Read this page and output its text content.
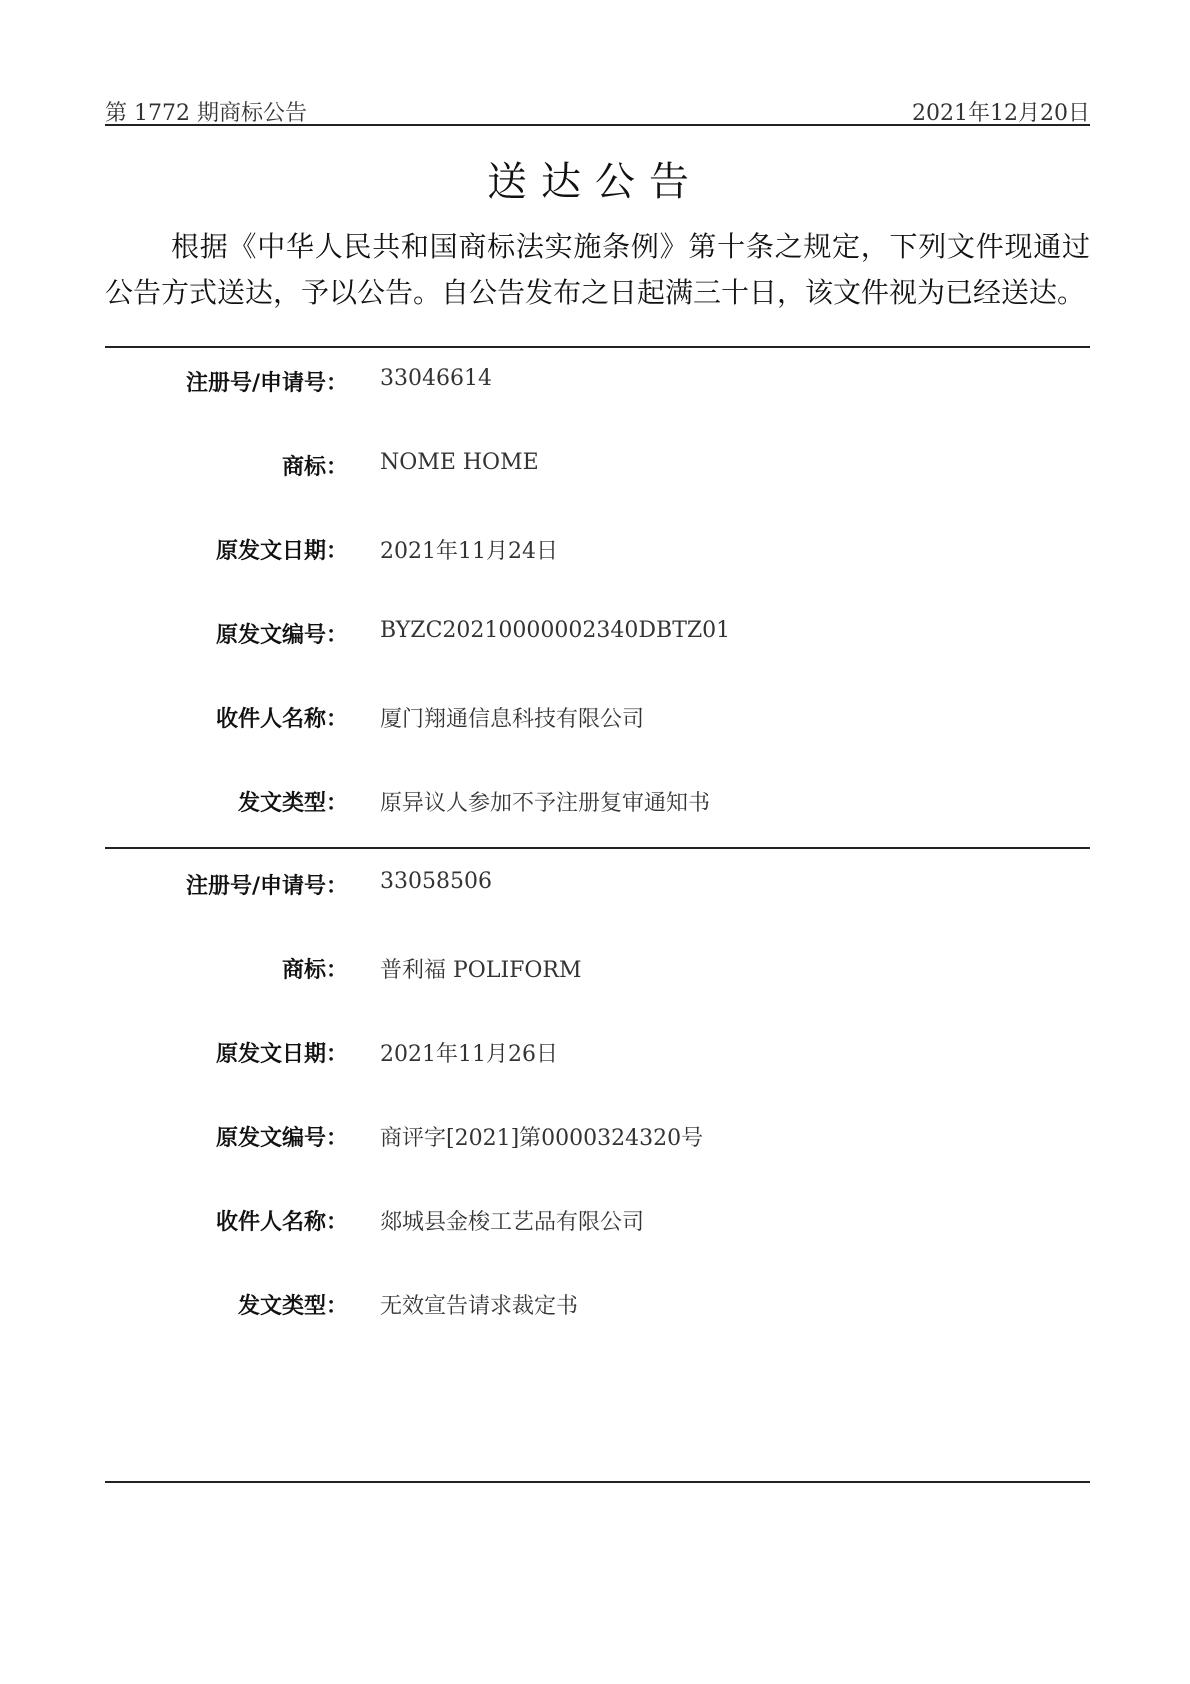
第 1772 期商标公告	2021年12月20日
送达公告
根据《中华人民共和国商标法实施条例》第十条之规定，下列文件现通过公告方式送达，予以公告。自公告发布之日起满三十日，该文件视为已经送达。
注册号/申请号： 33046614
商标： NOME HOME
原发文日期： 2021年11月24日
原发文编号： BYZC20210000002340DBTZ01
收件人名称： 厦门翔通信息科技有限公司
发文类型： 原异议人参加不予注册复审通知书
注册号/申请号： 33058506
商标： 普利福 POLIFORM
原发文日期： 2021年11月26日
原发文编号： 商评字[2021]第0000324320号
收件人名称： 郯城县金梭工艺品有限公司
发文类型： 无效宣告请求裁定书
